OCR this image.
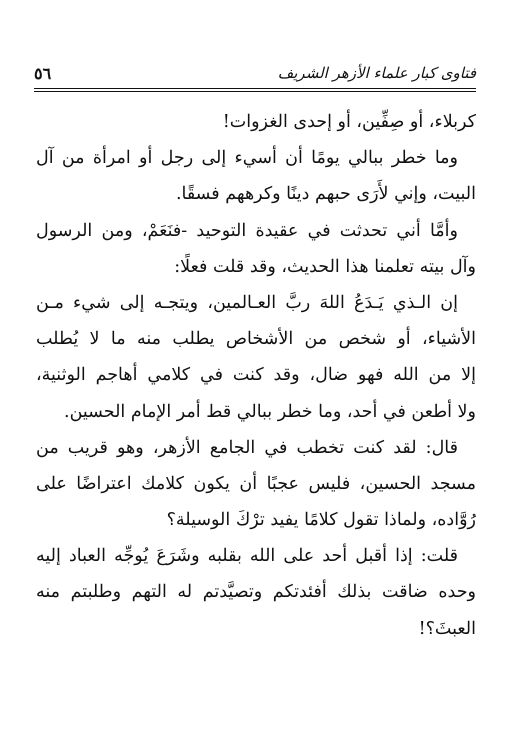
فتاوى كبار علماء الأزهر الشريف
٥٦
كربلاء، أو صِفِّين، أو إحدى الغزوات!
وما خطر ببالي يومًا أن أسيء إلى رجل أو امرأة من آل
البيت، وإني لأَرَى حبهم دينًا وكرههم فسقًا.
وأمَّا أني تحدثت في عقيدة التوحيد -فنَعَمْ، ومن الرسول
وآل بيته تعلمنا هذا الحديث، وقد قلت فعلًا:
إن الـذي يَـدَعُ اللهَ ربَّ العـالمين، ويتجـه إلى شيء مـن
الأشياء، أو شخص من الأشخاص يطلب منه ما لا يُطلب
إلا من الله فهو ضال، وقد كنت في كلامي أهاجم الوثنية،
ولا أطعن في أحد، وما خطر ببالي قط أمر الإمام الحسين.
قال: لقد كنت تخطب في الجامع الأزهر، وهو قريب من
مسجد الحسين، فليس عجبًا أن يكون كلامك اعتراضًا على
رُوَّاده، ولماذا تقول كلامًا يفيد ترْكَ الوسيلة؟
قلت: إذا أقبل أحد على الله بقلبه وشَرَعَ يُوجِّه العباد إليه
وحده ضاقت بذلك أفئدتكم وتصيَّدتم له التهم وطلبتم منه
العبثَ؟!
